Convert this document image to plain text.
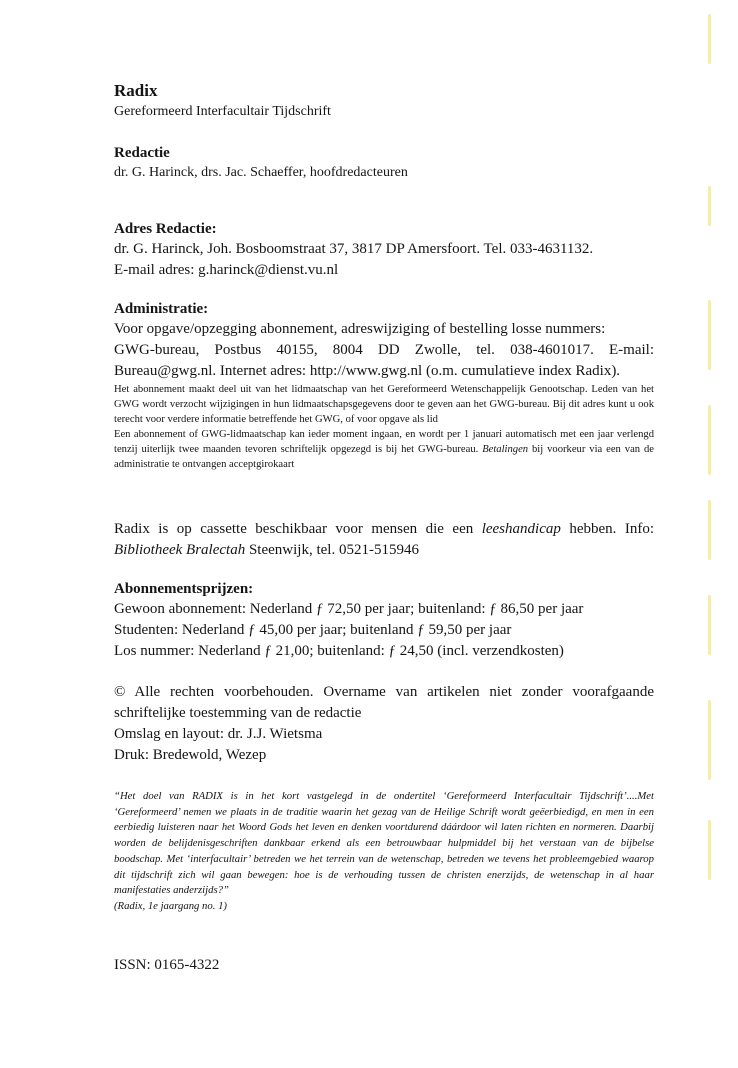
Radix

Gereformeerd Interfacultair Tijdschrift

Redactie

dr. G. Harinck, drs. Jac. Schaeffer, hoofdredacteuren

Adres Redactie:

dr. G. Harinck, Joh. Bosboomstraat 37, 3817 DP Amersfoort. Tel. 033-4631132.

E-mail adres: g.harinck@dienst.vu.nl

Administratie:

Voor opgave/opzegging abonnement, adreswijziging of bestelling losse nummers:

GWG-bureau, Postbus 40155, 8004 DD Zwolle, tel. 038-4601017. E-mail: Bureau@gwg.nl. Internet adres: http://www.gwg.nl (o.m. cumulatieve index Radix).

Het abonnement maakt deel uit van het lidmaatschap van het Gereformeerd Wetenschappelijk Genootschap. Leden van het GWG wordt verzocht wijzigingen in hun lidmaatschapsgegevens door te geven aan het GWG-bureau. Bij dit adres kunt u ook terecht voor verdere informatie betreffende het GWG, of voor opgave als lid

Een abonnement of GWG-lidmaatschap kan ieder moment ingaan, en wordt per 1 januari automatisch met een jaar verlengd tenzij uiterlijk twee maanden tevoren schriftelijk opgezegd is bij het GWG-bureau. Betalingen bij voorkeur via een van de administratie te ontvangen acceptgirokaart

Radix is op cassette beschikbaar voor mensen die een leeshandicap hebben. Info: Bibliotheek Bralectah Steenwijk, tel. 0521-515946

Abonnementsprijzen:

Gewoon abonnement: Nederland ƒ 72,50 per jaar; buitenland: ƒ 86,50 per jaar

Studenten: Nederland ƒ 45,00 per jaar; buitenland ƒ 59,50 per jaar

Los nummer: Nederland ƒ 21,00; buitenland: ƒ 24,50 (incl. verzendkosten)

© Alle rechten voorbehouden. Overname van artikelen niet zonder voorafgaande schriftelijke toestemming van de redactie

Omslag en layout: dr. J.J. Wietsma

Druk: Bredewold, Wezep

“Het doel van RADIX is in het kort vastgelegd in de ondertitel ‘Gereformeerd Interfacultair Tijdschrift’....Met ‘Gereformeerd’ nemen we plaats in de traditie waarin het gezag van de Heilige Schrift wordt geëerbiedigd, en men in een eerbiedig luisteren naar het Woord Gods het leven en denken voortdurend dáárdoor wil laten richten en normeren. Daarbij worden de belijdenisgeschriften dankbaar erkend als een betrouwbaar hulpmiddel bij het verstaan van de bijbelse boodschap. Met ‘interfacultair’ betreden we het terrein van de wetenschap, betreden we tevens het probleemgebied waarop dit tijdschrift zich wil gaan bewegen: hoe is de verhouding tussen de christen enerzijds, de wetenschap in al haar manifestaties anderzijds?”

(Radix, 1e jaargang no. 1)

ISSN: 0165-4322
